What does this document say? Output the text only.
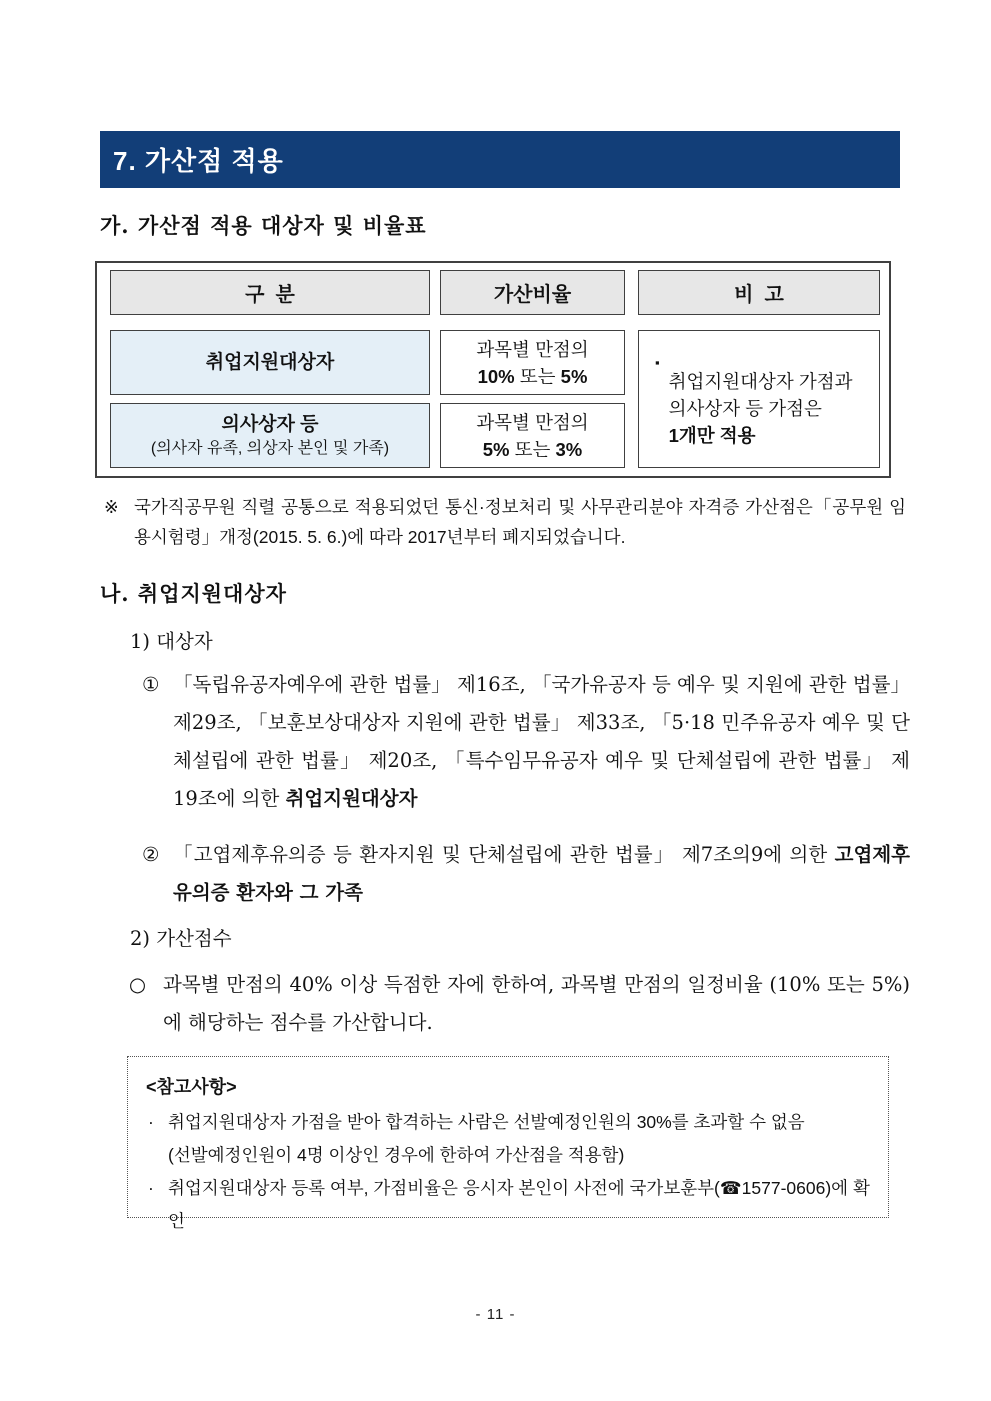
7. 가산점 적용
가. 가산점 적용 대상자 및 비율표
구  분	가산비율	비  고
취업지원대상자
과목별 만점의
10% 또는 5%
의사상자 등
(의사자 유족, 의상자 본인 및 가족)
과목별 만점의
5% 또는 3%
▪
취업지원대상자 가점과
의사상자 등 가점은
1개만 적용
※ 국가직공무원 직렬 공통으로 적용되었던 통신·정보처리 및 사무관리분야 자격증 가산점은「공무원 임용시험령」개정(2015. 5. 6.)에 따라 2017년부터 폐지되었습니다.
나. 취업지원대상자
1) 대상자
① 「독립유공자예우에 관한 법률」 제16조, 「국가유공자 등 예우 및 지원에 관한 법률」 제29조, 「보훈보상대상자 지원에 관한 법률」 제33조, 「5·18 민주유공자 예우 및 단체설립에 관한 법률」 제20조, 「특수임무유공자 예우 및 단체설립에 관한 법률」 제19조에 의한 취업지원대상자
② 「고엽제후유의증 등 환자지원 및 단체설립에 관한 법률」 제7조의9에 의한 고엽제후유의증 환자와 그 가족
2) 가산점수
○ 과목별 만점의 40% 이상 득점한 자에 한하여, 과목별 만점의 일정비율 (10% 또는 5%)에 해당하는 점수를 가산합니다.
<참고사항>
· 취업지원대상자 가점을 받아 합격하는 사람은 선발예정인원의 30%를 초과할 수 없음
(선발예정인원이 4명 이상인 경우에 한하여 가산점을 적용함)
· 취업지원대상자 등록 여부, 가점비율은 응시자 본인이 사전에 국가보훈부(☎1577-0606)에 확인
- 11 -
